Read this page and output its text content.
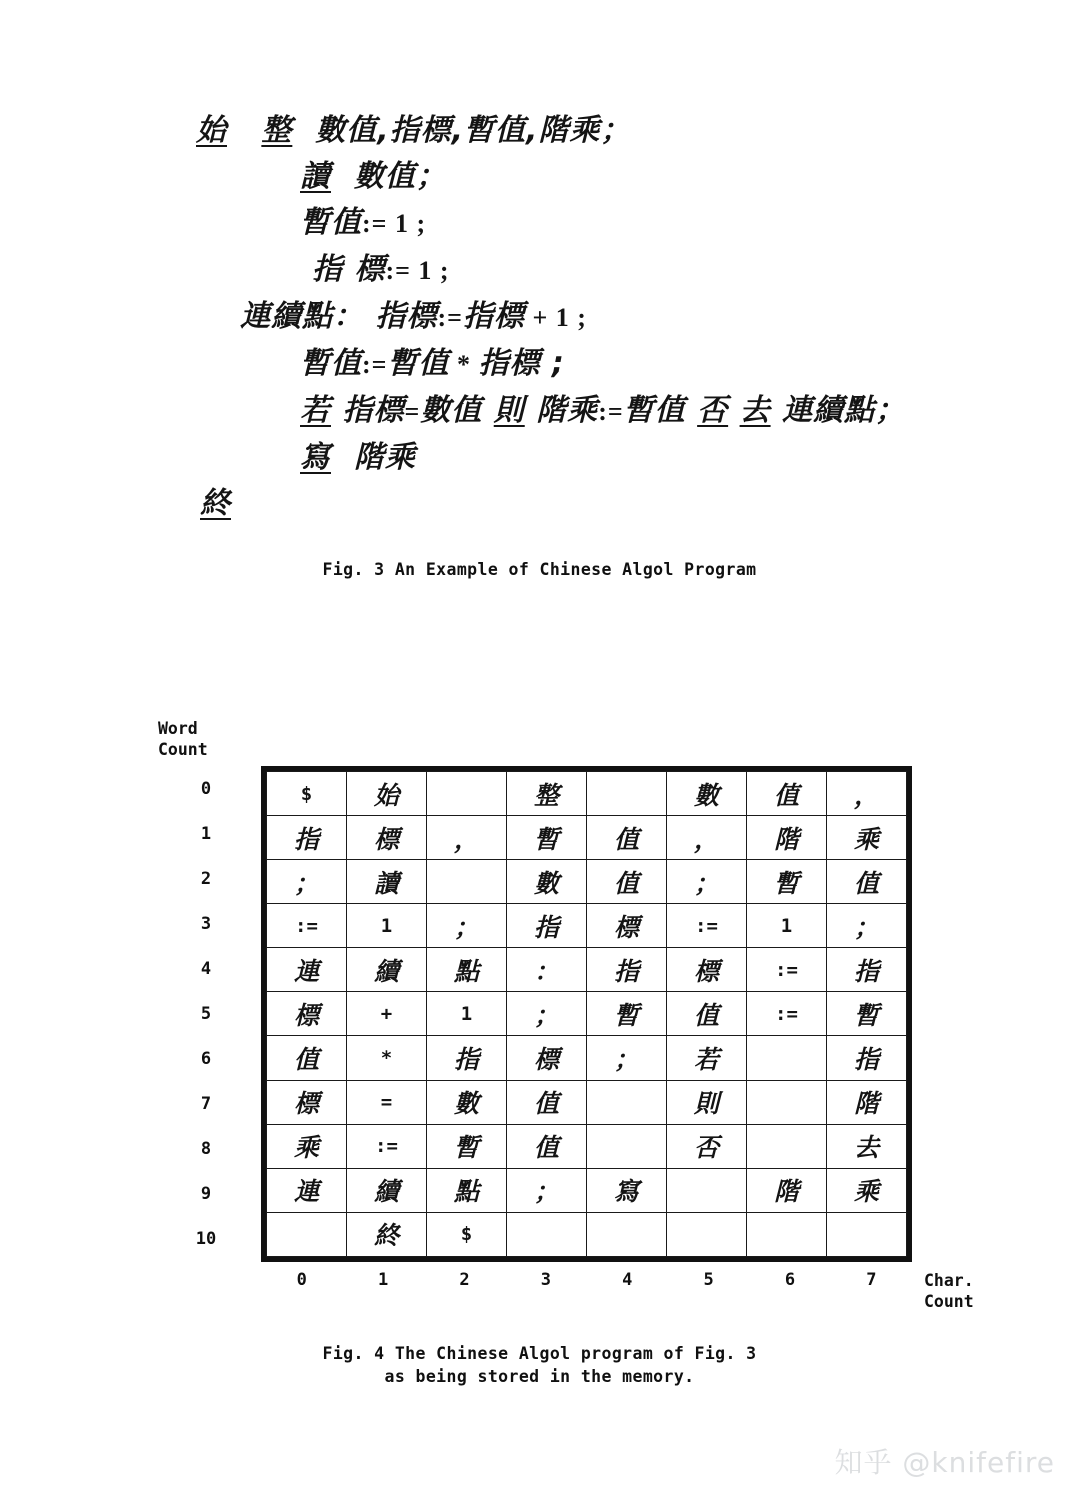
始 整  數值,指標,暫值,階乘；
讀  數值；
暫值:= 1 ;
指 標:= 1 ;
連續點： 指標:=指標 + 1 ;
暫值:=暫值 * 指標 ;
若 指標=數值 則 階乘:=暫值 否 去 連續點；
寫  階乘
終
Fig. 3 An Example of Chinese Algol Program
Word
Count
0
1
2
3
4
5
6
7
8
9
10
$	始		整		數	值	，
指	標	，	暫	值	，	階	乘
；	讀		數	值	；	暫	值
:=	1	；	指	標	:=	1	；
連	續	點	：	指	標	:=	指
標	+	1	；	暫	值	:=	暫
值	*	指	標	；	若		指
標	=	數	值		則		階
乘	:=	暫	值		否		去
連	續	點	；	寫		階	乘
	終	$					
0	1	2	3	4	5	6	7	Char.
Count
Fig. 4 The Chinese Algol program of Fig. 3
as being stored in the memory.
知乎 @knifefire
